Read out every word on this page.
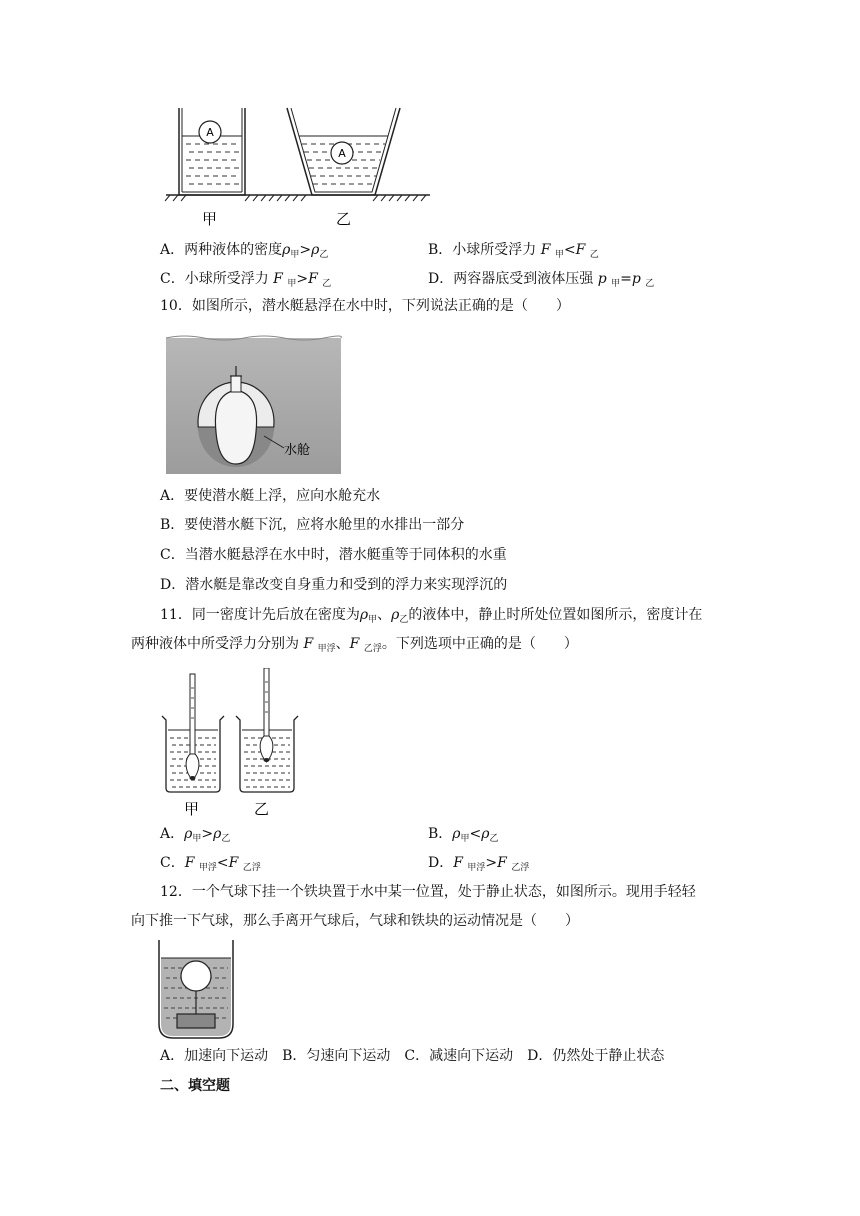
A
A
甲	乙
A．两种液体的密度$\rho_甲>\rho_乙$	B．小球所受浮力 F $_甲$<F $_乙$
C．小球所受浮力 F $_甲$>F $_乙$	D．两容器底受到液体压强 p $_甲$=p $_乙$
10．如图所示，潜水艇悬浮在水中时，下列说法正确的是（　　）
水舱
A．要使潜水艇上浮，应向水舱充水
B．要使潜水艇下沉，应将水舱里的水排出一部分
C．当潜水艇悬浮在水中时，潜水艇重等于同体积的水重
D．潜水艇是靠改变自身重力和受到的浮力来实现浮沉的
11．同一密度计先后放在密度为$\rho_甲$、$\rho_乙$的液体中，静止时所处位置如图所示，密度计在
两种液体中所受浮力分别为 F $_{甲浮}$、F $_{乙浮}$。下列选项中正确的是（　　）
甲	乙
A．$\rho_甲>\rho_乙$	B．$\rho_甲<\rho_乙$
C．F $_{甲浮}$<F $_{乙浮}$	D．F $_{甲浮}$>F $_{乙浮}$
12．一个气球下挂一个铁块置于水中某一位置，处于静止状态，如图所示。现用手轻轻
向下推一下气球，那么手离开气球后，气球和铁块的运动情况是（　　）
A．加速向下运动　B．匀速向下运动　C．减速向下运动　D．仍然处于静止状态
二、填空题
